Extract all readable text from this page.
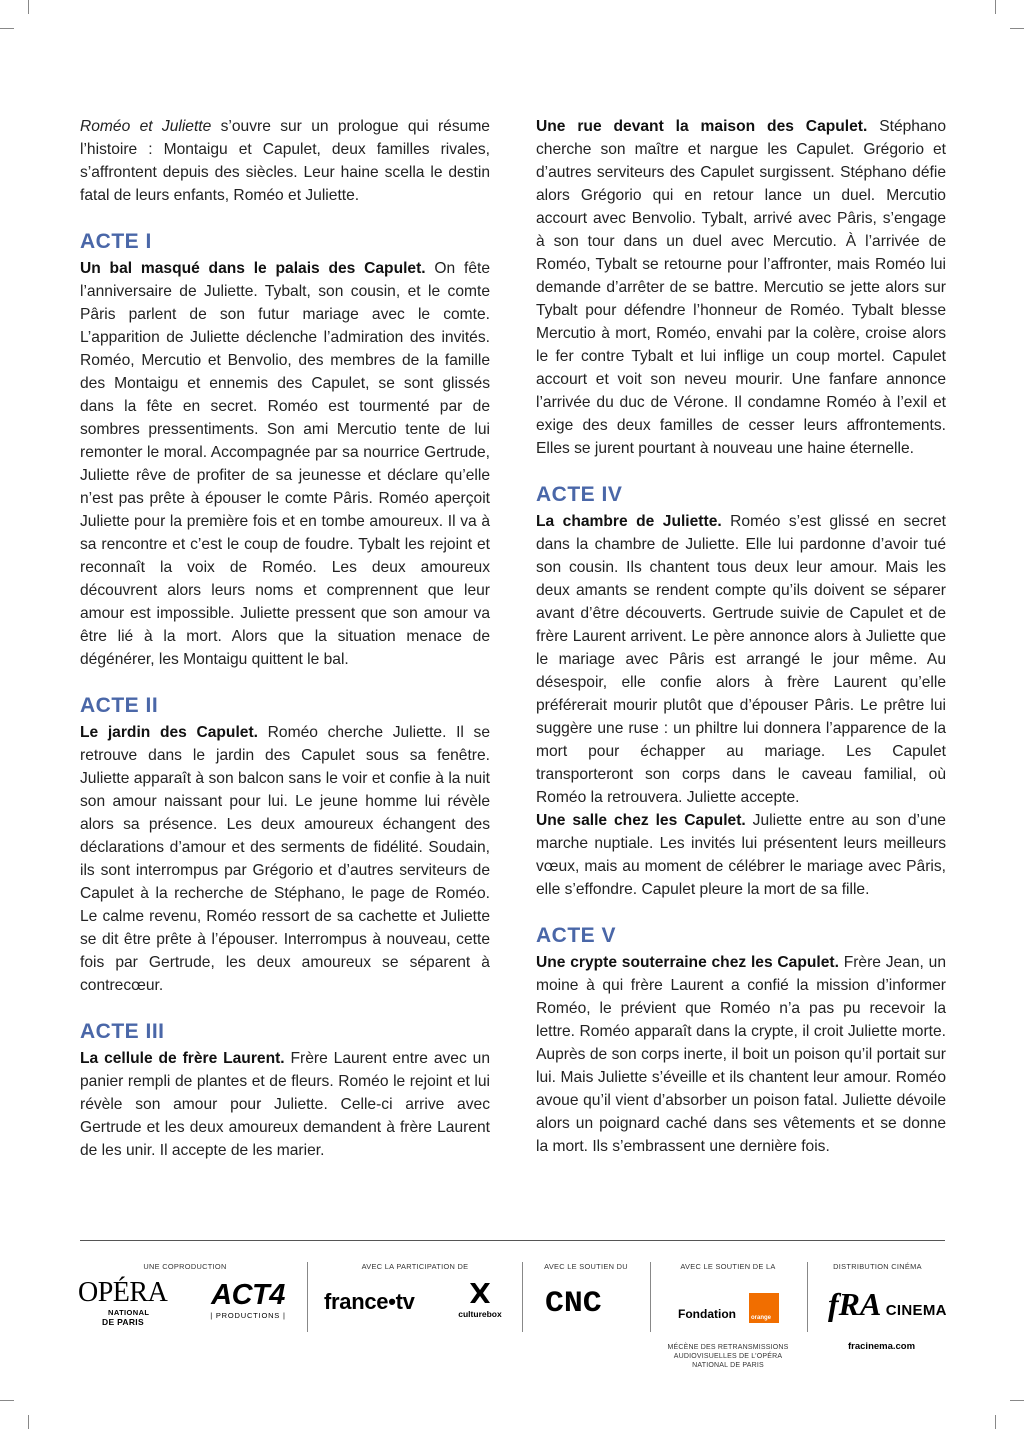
Roméo et Juliette s’ouvre sur un prologue qui résume l’histoire : Montaigu et Capulet, deux familles rivales, s’affrontent depuis des siècles. Leur haine scella le destin fatal de leurs enfants, Roméo et Juliette.

ACTE I

Un bal masqué dans le palais des Capulet. On fête l’anniversaire de Juliette. Tybalt, son cousin, et le comte Pâris parlent de son futur mariage avec le comte. L’apparition de Juliette déclenche l’admiration des invités. Roméo, Mercutio et Benvolio, des membres de la famille des Montaigu et ennemis des Capulet, se sont glissés dans la fête en secret. Roméo est tourmenté par de sombres pressentiments. Son ami Mercutio tente de lui remonter le moral. Accompagnée par sa nourrice Gertrude, Juliette rêve de profiter de sa jeunesse et déclare qu’elle n’est pas prête à épouser le comte Pâris. Roméo aperçoit Juliette pour la première fois et en tombe amoureux. Il va à sa rencontre et c’est le coup de foudre. Tybalt les rejoint et reconnaît la voix de Roméo. Les deux amoureux découvrent alors leurs noms et comprennent que leur amour est impossible. Juliette pressent que son amour va être lié à la mort. Alors que la situation menace de dégénérer, les Montaigu quittent le bal.

ACTE II

Le jardin des Capulet. Roméo cherche Juliette. Il se retrouve dans le jardin des Capulet sous sa fenêtre. Juliette apparaît à son balcon sans le voir et confie à la nuit son amour naissant pour lui. Le jeune homme lui révèle alors sa présence. Les deux amoureux échangent des déclarations d’amour et des serments de fidélité. Soudain, ils sont interrompus par Grégorio et d’autres serviteurs de Capulet à la recherche de Stéphano, le page de Roméo. Le calme revenu, Roméo ressort de sa cachette et Juliette se dit être prête à l’épouser. Interrompus à nouveau, cette fois par Gertrude, les deux amoureux se séparent à contrecœur.

ACTE III

La cellule de frère Laurent. Frère Laurent entre avec un panier rempli de plantes et de fleurs. Roméo le rejoint et lui révèle son amour pour Juliette. Celle-ci arrive avec Gertrude et les deux amoureux demandent à frère Laurent de les unir. Il accepte de les marier.

Une rue devant la maison des Capulet. Stéphano cherche son maître et nargue les Capulet. Grégorio et d’autres serviteurs des Capulet surgissent. Stéphano défie alors Grégorio qui en retour lance un duel. Mercutio accourt avec Benvolio. Tybalt, arrivé avec Pâris, s’engage à son tour dans un duel avec Mercutio. À l’arrivée de Roméo, Tybalt se retourne pour l’affronter, mais Roméo lui demande d’arrêter de se battre. Mercutio se jette alors sur Tybalt pour défendre l’honneur de Roméo. Tybalt blesse Mercutio à mort, Roméo, envahi par la colère, croise alors le fer contre Tybalt et lui inflige un coup mortel. Capulet accourt et voit son neveu mourir. Une fanfare annonce l’arrivée du duc de Vérone. Il condamne Roméo à l’exil et exige des deux familles de cesser leurs affrontements. Elles se jurent pourtant à nouveau une haine éternelle.

ACTE IV

La chambre de Juliette. Roméo s’est glissé en secret dans la chambre de Juliette. Elle lui pardonne d’avoir tué son cousin. Ils chantent tous deux leur amour. Mais les deux amants se rendent compte qu’ils doivent se séparer avant d’être découverts. Gertrude suivie de Capulet et de frère Laurent arrivent. Le père annonce alors à Juliette que le mariage avec Pâris est arrangé le jour même. Au désespoir, elle confie alors à frère Laurent qu’elle préférerait mourir plutôt que d’épouser Pâris. Le prêtre lui suggère une ruse : un philtre lui donnera l’apparence de la mort pour échapper au mariage. Les Capulet transporteront son corps dans le caveau familial, où Roméo la retrouvera. Juliette accepte.

Une salle chez les Capulet. Juliette entre au son d’une marche nuptiale. Les invités lui présentent leurs meilleurs vœux, mais au moment de célébrer le mariage avec Pâris, elle s’effondre. Capulet pleure la mort de sa fille.

ACTE V

Une crypte souterraine chez les Capulet. Frère Jean, un moine à qui frère Laurent a confié la mission d’informer Roméo, le prévient que Roméo n’a pas pu recevoir la lettre. Roméo apparaît dans la crypte, il croit Juliette morte. Auprès de son corps inerte, il boit un poison qu’il portait sur lui. Mais Juliette s’éveille et ils chantent leur amour. Roméo avoue qu’il vient d’absorber un poison fatal. Juliette dévoile alors un poignard caché dans ses vêtements et se donne la mort. Ils s’embrassent une dernière fois.

UNE COPRODUCTION	AVEC LA PARTICIPATION DE	AVEC LE SOUTIEN DU	AVEC LE SOUTIEN DE LA	DISTRIBUTION CINÉMA
OPÉRA
NATIONAL
DE PARIS
ACT4
| PRODUCTIONS |
france•tv	culturebox CNC	Fondation	orange
MÉCÈNE DES RETRANSMISSIONS AUDIOVISUELLES DE L’OPÉRA NATIONAL DE PARIS
fRA CINEMA
fracinema.com
